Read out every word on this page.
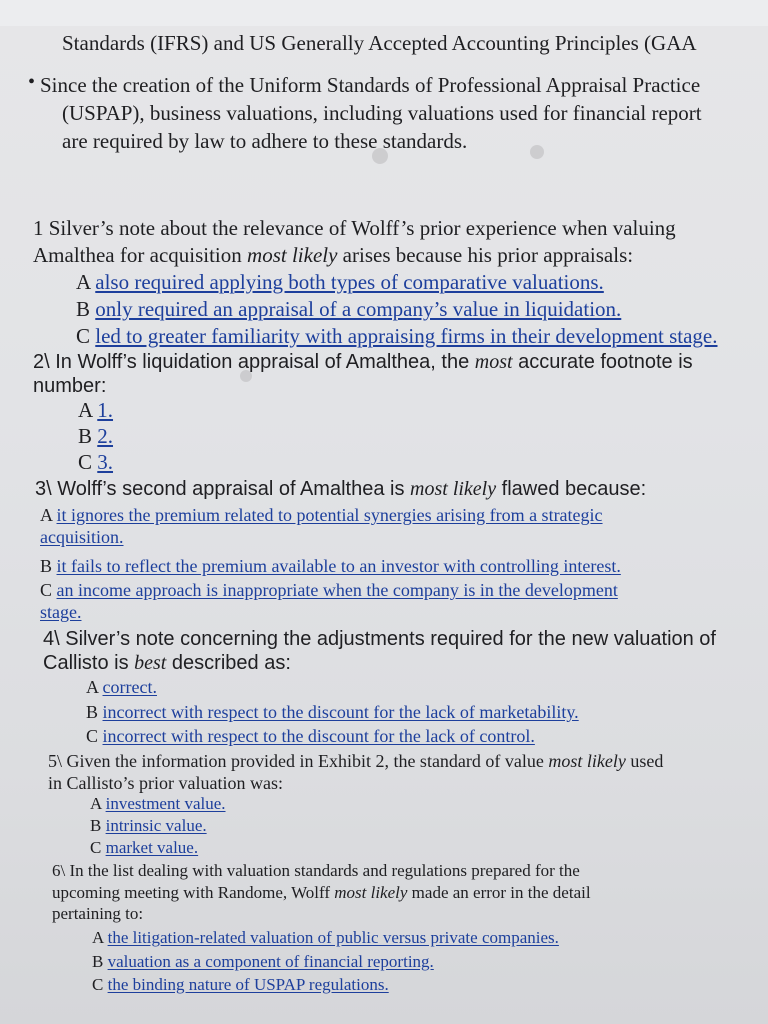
Standards (IFRS) and US Generally Accepted Accounting Principles (GAA
• Since the creation of the Uniform Standards of Professional Appraisal Practice
(USPAP), business valuations, including valuations used for financial report
are required by law to adhere to these standards.
1 Silver’s note about the relevance of Wolff’s prior experience when valuing
Amalthea for acquisition most likely arises because his prior appraisals:
A also required applying both types of comparative valuations.
B only required an appraisal of a company’s value in liquidation.
C led to greater familiarity with appraising firms in their development stage.
2\ In Wolff’s liquidation appraisal of Amalthea, the most accurate footnote is
number:
A 1.
B 2.
C 3.
3\ Wolff’s second appraisal of Amalthea is most likely flawed because:
A it ignores the premium related to potential synergies arising from a strategic
acquisition.
B it fails to reflect the premium available to an investor with controlling interest.
C an income approach is inappropriate when the company is in the development
stage.
4\ Silver’s note concerning the adjustments required for the new valuation of
Callisto is best described as:
A correct.
B incorrect with respect to the discount for the lack of marketability.
C incorrect with respect to the discount for the lack of control.
5\ Given the information provided in Exhibit 2, the standard of value most likely used
in Callisto’s prior valuation was:
A investment value.
B intrinsic value.
C market value.
6\ In the list dealing with valuation standards and regulations prepared for the
upcoming meeting with Randome, Wolff most likely made an error in the detail
pertaining to:
A the litigation-related valuation of public versus private companies.
B valuation as a component of financial reporting.
C the binding nature of USPAP regulations.
